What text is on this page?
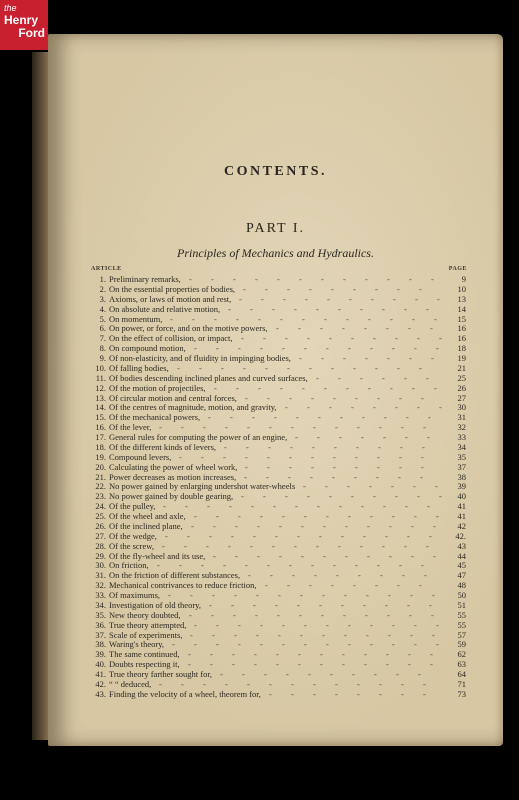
the
Henry
Ford
CONTENTS.
PART I.
Principles of Mechanics and Hydraulics.
ARTICLE	PAGE
1. Preliminary remarks,	9
- - - - - - - - - - - -
2. On the essential properties of bodies,	10
- - - - - - - - -
3. Axioms, or laws of motion and rest,	13
- - - - - - - - - -
4. On absolute and relative motion,	14
- - - - - - - - - -
5. On momentum,	15
- - - - - - - - - - - - -
6. On power, or force, and on the motive powers,	16
- - - - - - - -
7. On the effect of collision, or impact,	16
- - - - - - - - - -
8. On compound motion,	18
- - - - - - - - - - - -
9. Of non-elasticity, and of fluidity in impinging bodies,	19
- - - - - - -
10. Of falling bodies,	21
- - - - - - - - - - - -
11. Of bodies descending inclined planes and curved surfaces,	25
- - - - - -
12. Of the motion of projectiles,	26
- - - - - - - - - - -
13. Of circular motion and central forces,	27
- - - - - - - - -
14. Of the centres of magnitude, motion, and gravity,	30
- - - - - - - -
15. Of the mechanical powers,	31
- - - - - - - - - - -
16. Of the lever,	32
- - - - - - - - - - - - -
17. General rules for computing the power of an engine,	33
- - - - - - -
18. Of the different kinds of levers,	34
- - - - - - - - - -
19. Compound levers,	35
- - - - - - - - - - - -
20. Calculating the power of wheel work,	37
- - - - - - - - -
21. Power decreases as motion increases,	38
- - - - - - - - -
22. No power gained by enlarging undershot water-wheels	39
- - - - - - -
23. No power gained by double gearing,	40
- - - - - - - - - -
24. Of the pulley,	41
- - - - - - - - - - - - -
25. Of the wheel and axle,	41
- - - - - - - - - - - -
26. Of the inclined plane,	42
- - - - - - - - - - - -
27. Of the wedge,	42.
- - - - - - - - - - - - -
28. Of the screw,	43
- - - - - - - - - - - - -
29. Of the fly-wheel and its use,	44
- - - - - - - - - - -
30. On friction,	45
- - - - - - - - - - - - -
31. On the friction of different substances,	47
- - - - - - - - -
32. Mechanical contrivances to reduce friction,	48
- - - - - - - -
33. Of maximums,	50
- - - - - - - - - - - - -
34. Investigation of old theory,	51
- - - - - - - - - - -
35. New theory doubted,	55
- - - - - - - - - - - -
36. True theory attempted,	55
- - - - - - - - - - - -
37. Scale of experiments,	57
- - - - - - - - - - - -
38. Waring's theory,	59
- - - - - - - - - - - - -
39. The same continued,	62
- - - - - - - - - - - -
40. Doubts respecting it,	63
- - - - - - - - - - - -
41. True theory farther sought for,	64
- - - - - - - - - -
42. “ “ deduced,	71
- - - - - - - - - - - - -
43. Finding the velocity of a wheel, theorem for,	73
- - - - - - - -
